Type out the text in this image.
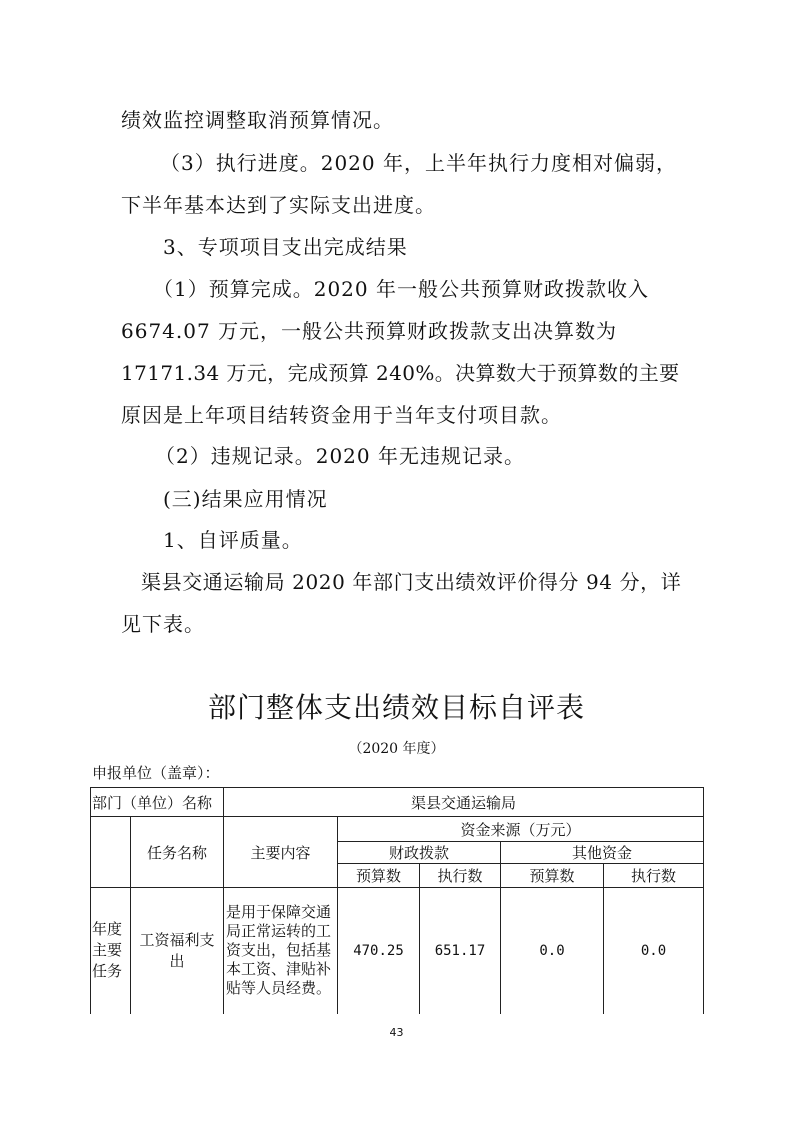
绩效监控调整取消预算情况。
（3）执行进度。2020 年，上半年执行力度相对偏弱，
下半年基本达到了实际支出进度。
3、专项项目支出完成结果
（1）预算完成。2020 年一般公共预算财政拨款收入
6674.07 万元，一般公共预算财政拨款支出决算数为
17171.34 万元，完成预算 240%。决算数大于预算数的主要
原因是上年项目结转资金用于当年支付项目款。
（2）违规记录。2020 年无违规记录。
(三)结果应用情况
1、自评质量。
渠县交通运输局 2020 年部门支出绩效评价得分 94 分，详
见下表。
部门整体支出绩效目标自评表
（2020 年度）
申报单位（盖章）：
部门（单位）名称		渠县交通运输局				
	任务名称	主要内容	资金来源（万元）			
			财政拨款		其他资金	
			预算数	执行数	预算数	执行数
年度主要任务	工资福利支出	是用于保障交通局正常运转的工资支出，包括基本工资、津贴补贴等人员经费。	470.25	651.17	0.0	0.0
43
